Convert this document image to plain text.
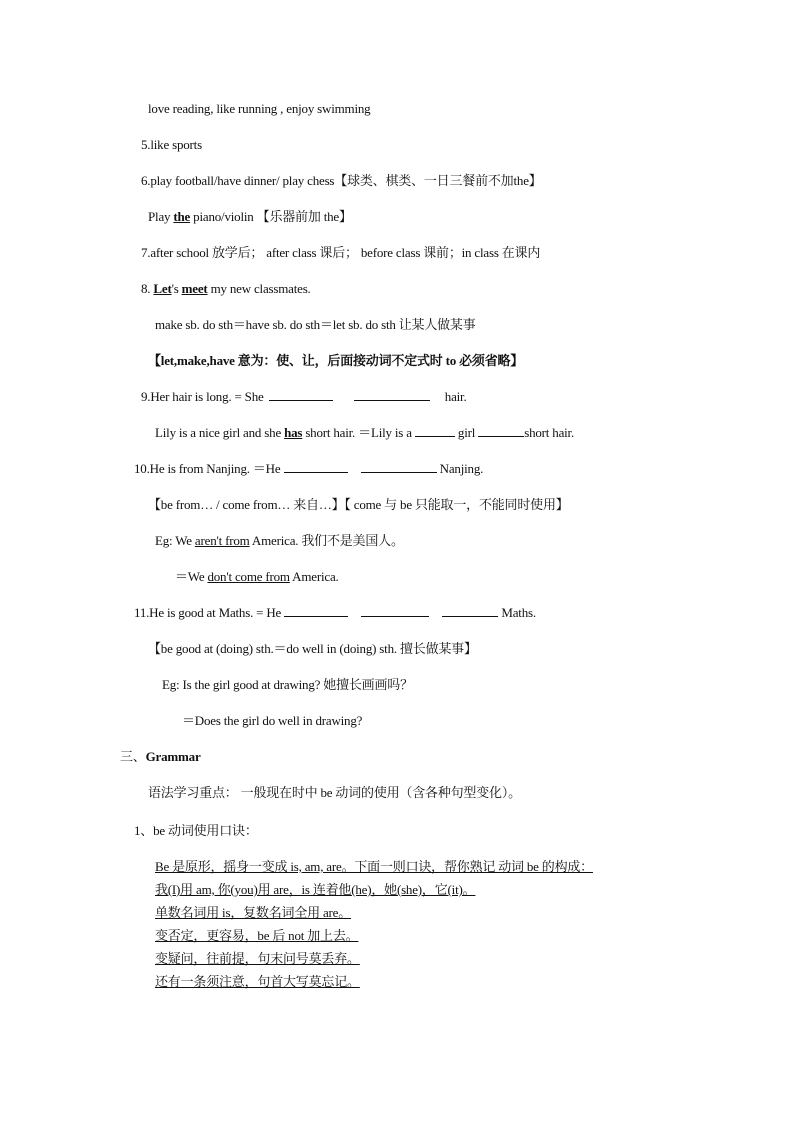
love reading, like running , enjoy swimming
5.like sports
6.play football/have dinner/ play chess【球类、棋类、一日三餐前不加the】
Play the piano/violin 【乐器前加 the】
7.after school 放学后； after class 课后； before class 课前；in class 在课内
8. Let's meet my new classmates.
make sb. do sth＝have sb. do sth＝let sb. do sth 让某人做某事
【let,make,have 意为：使、让，后面接动词不定式时 to 必须省略】
9.Her hair is long. = She	hair.
Lily is a nice girl and she has short hair. ＝Lily is a	girl	short hair.
10.He is from Nanjing. ＝He	Nanjing.
【be from… / come from… 来自…】【 come 与 be 只能取一，不能同时使用】
Eg: We aren't from America. 我们不是美国人。
＝We don't come from America.
11.He is good at Maths. = He	Maths.
【be good at (doing) sth.＝do well in (doing) sth. 擅长做某事】
Eg: Is the girl good at drawing? 她擅长画画吗？
＝Does the girl do well in drawing?
三、Grammar
语法学习重点： 一般现在时中 be 动词的使用（含各种句型变化）。
1、be 动词使用口诀：
Be 是原形，摇身一变成 is, am, are。下面一则口诀，帮你熟记 动词 be 的构成：
我(I)用 am, 你(you)用 are，is 连着他(he)，她(she)，它(it)。
单数名词用 is，复数名词全用 are。
变否定，更容易，be 后 not 加上去。
变疑问，往前提，句末问号莫丢弃。
还有一条须注意，句首大写莫忘记。
